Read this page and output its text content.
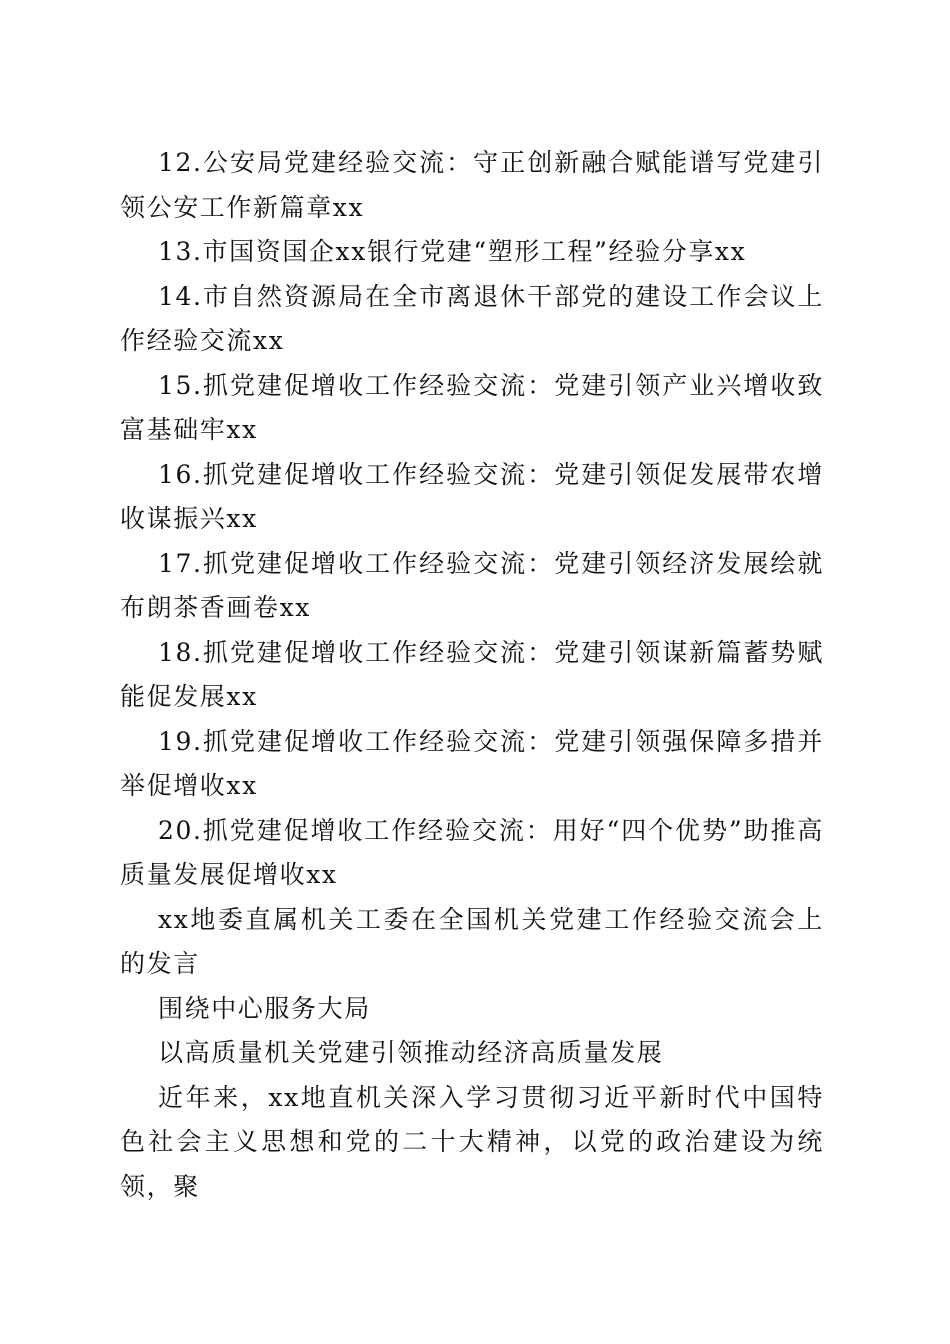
12.公安局党建经验交流：守正创新融合赋能谱写党建引领公安工作新篇章xx

13.市国资国企xx银行党建“塑形工程”经验分享xx

14.市自然资源局在全市离退休干部党的建设工作会议上作经验交流xx

15.抓党建促增收工作经验交流：党建引领产业兴增收致富基础牢xx

16.抓党建促增收工作经验交流：党建引领促发展带农增收谋振兴xx

17.抓党建促增收工作经验交流：党建引领经济发展绘就布朗茶香画卷xx

18.抓党建促增收工作经验交流：党建引领谋新篇蓄势赋能促发展xx

19.抓党建促增收工作经验交流：党建引领强保障多措并举促增收xx

20.抓党建促增收工作经验交流：用好“四个优势”助推高质量发展促增收xx

xx地委直属机关工委在全国机关党建工作经验交流会上的发言

围绕中心服务大局

以高质量机关党建引领推动经济高质量发展

近年来，xx地直机关深入学习贯彻习近平新时代中国特色社会主义思想和党的二十大精神，以党的政治建设为统领，聚
